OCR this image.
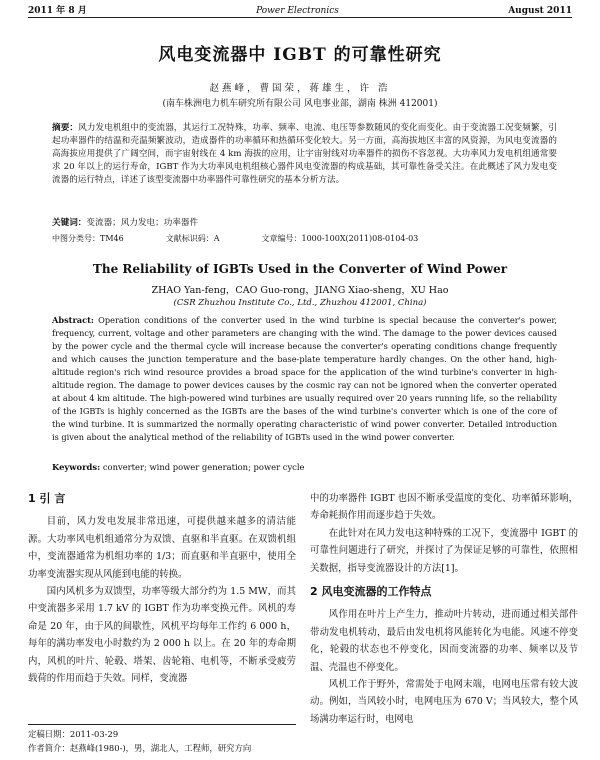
2011 年 8 月	Power Electronics	August 2011
风电变流器中 IGBT 的可靠性研究
赵燕峰，曹国荣，蒋雄生，许 浩
(南车株洲电力机车研究所有限公司 风电事业部，湖南 株洲 412001)
摘要：风力发电机组中的变流器，其运行工况特殊，功率、频率、电流、电压等参数随风的变化而变化。由于变流器工况变频繁，引起功率器件的结温和壳温频繁波动，造成器件的功率循环和热循环变化较大。另一方面，高海拔地区丰富的风资源，为风电变流器的高海拔应用提供了广阔空间，而宇宙射线在 4 km 海拔的应用，让宇宙射线对功率器件的损伤不容忽视。大功率风力发电机组通常要求 20 年以上的运行寿命，IGBT 作为大功率风电机组核心器件风电变流器的构成基础，其可靠性备受关注。在此概述了风力发电变流器的运行特点，详述了该型变流器中功率器件可靠性研究的基本分析方法。
关键词：变流器；风力发电；功率器件
中图分类号：TM46	文献标识码：A	文章编号：1000-100X(2011)08-0104-03
The Reliability of IGBTs Used in the Converter of Wind Power
ZHAO Yan-feng，CAO Guo-rong，JIANG Xiao-sheng，XU Hao
(CSR Zhuzhou Institute Co., Ltd., Zhuzhou 412001, China)
Abstract: Operation conditions of the converter used in the wind turbine is special because the converter's power, frequency, current, voltage and other parameters are changing with the wind. The damage to the power devices caused by the power cycle and the thermal cycle will increase because the converter's operating conditions change frequently and which causes the junction temperature and the base-plate temperature hardly changes. On the other hand, high-altitude region's rich wind resource provides a broad space for the application of the wind turbine's converter in high-altitude region. The damage to power devices causes by the cosmic ray can not be ignored when the converter operated at about 4 km altitude. The high-powered wind turbines are usually required over 20 years running life, so the reliability of the IGBTs is highly concerned as the IGBTs are the bases of the wind turbine's converter which is one of the core of the wind turbine. It is summarized the normally operating characteristic of wind power converter. Detailed introduction is given about the analytical method of the reliability of IGBTs used in the wind power converter.
Keywords: converter; wind power generation; power cycle
1 引 言

目前，风力发电发展非常迅速，可提供越来越多的清洁能源。大功率风电机组通常分为双馈、直驱和半直驱。在双馈机组中，变流器通常为机组功率的 1/3；而直驱和半直驱中，使用全功率变流器实现从风能到电能的转换。

国内风机多为双馈型，功率等级大部分约为 1.5 MW，而其中变流器多采用 1.7 kV 的 IGBT 作为功率变换元件。风机的寿命是 20 年，由于风的间歇性，风机平均每年工作约 6 000 h，每年的满功率发电小时数约为 2 000 h 以上。在 20 年的寿命期内，风机的叶片、轮毂、塔架、齿轮箱、电机等，不断承受疲劳载荷的作用而趋于失效。同样，变流器

中的功率器件 IGBT 也因不断承受温度的变化、功率循环影响，寿命耗损作用而逐步趋于失效。

在此针对在风力发电这种特殊的工况下，变流器中 IGBT 的可靠性问题进行了研究，并探讨了为保证足够的可靠性，依照相关数据，指导变流器设计的方法[1]。

2 风电变流器的工作特点

风作用在叶片上产生力，推动叶片转动，进而通过相关部件带动发电机转动，最后由发电机将风能转化为电能。风速不停变化，轮毂的状态也不停变化，因而变流器的功率、频率以及节温、壳温也不停变化。

风机工作于野外，常需处于电网末端，电网电压常有较大波动。例如，当风较小时，电网电压为 670 V；当风较大，整个风场满功率运行时，电网电

定稿日期：2011-03-29
作者简介：赵燕峰(1980-)，男，湖北人，工程师，研究方向
